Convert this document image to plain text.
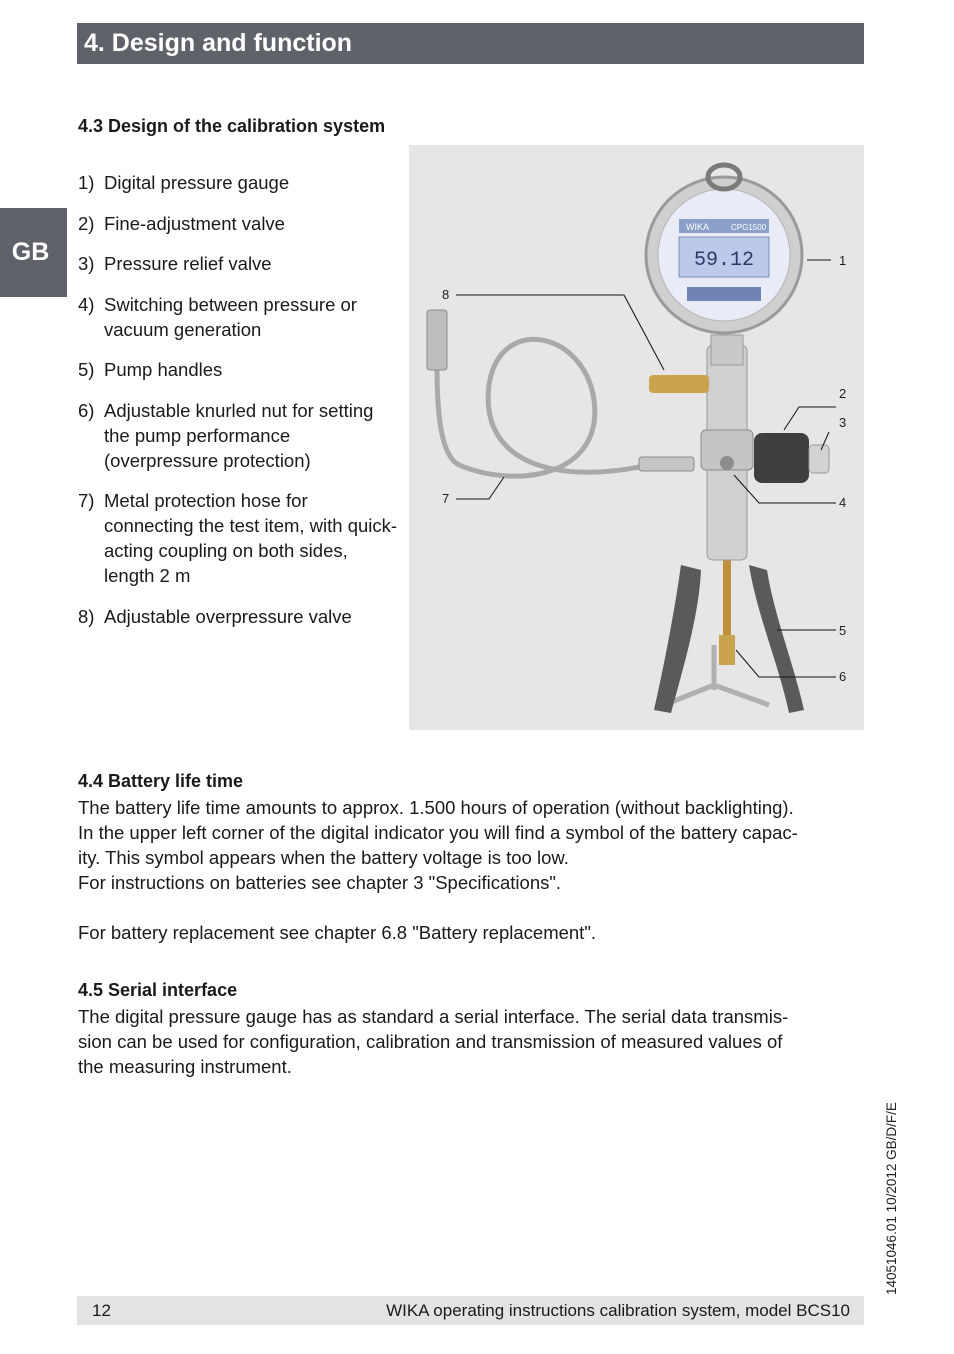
4. Design and function
GB
4.3 Design of the calibration system
1) Digital pressure gauge
2) Fine-adjustment valve
3) Pressure relief valve
4) Switching between pressure or vacuum generation
5) Pump handles
6) Adjustable knurled nut for setting the pump performance (overpressure protection)
7) Metal protection hose for connecting the test item, with quick-acting coupling on both sides, length 2 m
8) Adjustable overpressure valve
WIKA	CPG1500
59.12	1
2
3
4
5
6
7
8
4.4 Battery life time

The battery life time amounts to approx. 1.500 hours of operation (without backlighting).

In the upper left corner of the digital indicator you will find a symbol of the battery capac-

ity. This symbol appears when the battery voltage is too low.

For instructions on batteries see chapter 3 "Specifications".

For battery replacement see chapter 6.8 "Battery replacement".

4.5 Serial interface

The digital pressure gauge has as standard a serial interface. The serial data transmis-

sion can be used for configuration, calibration and transmission of measured values of

the measuring instrument.

14051046.01 10/2012 GB/D/F/E
12	WIKA operating instructions calibration system, model BCS10
